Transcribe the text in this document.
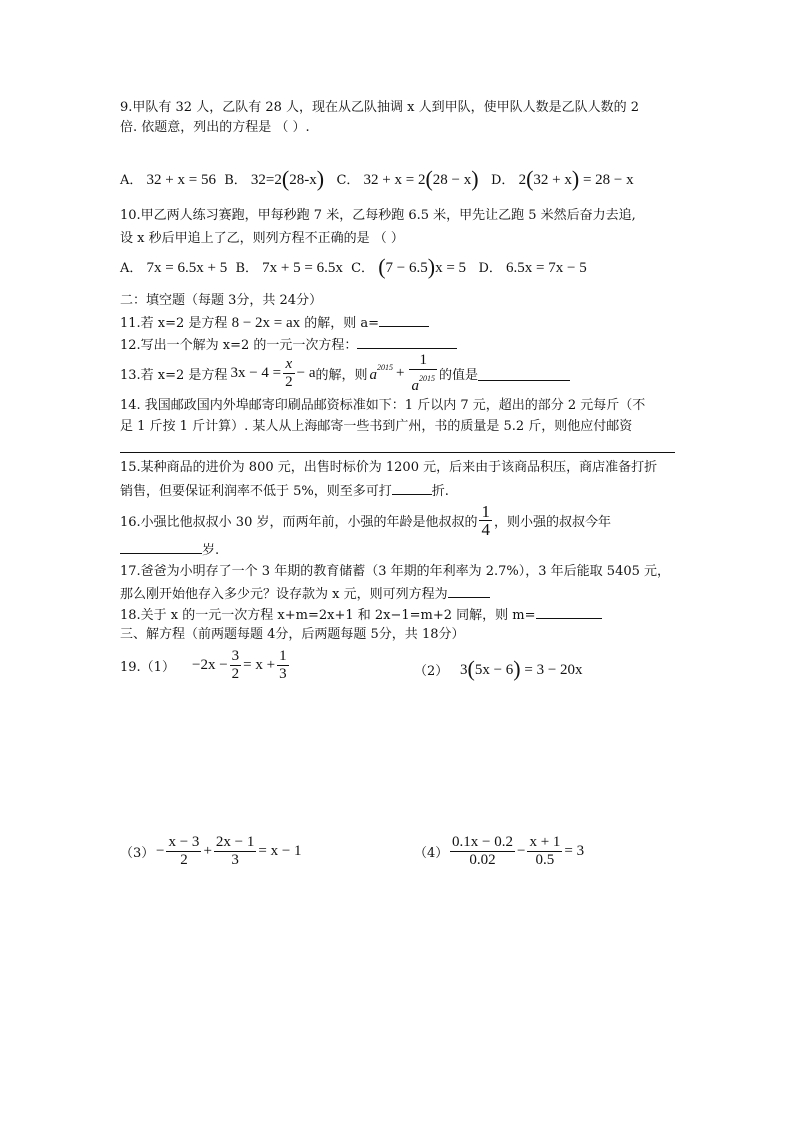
9.甲队有 32 人，乙队有 28 人，现在从乙队抽调 x 人到甲队，使甲队人数是乙队人数的 2
倍. 依题意，列出的方程是 （ ）.
A． 32 + x = 56 B． 32=2(28-x) C． 32 + x = 2(28 − x) D． 2(32 + x) = 28 − x
10.甲乙两人练习赛跑，甲每秒跑 7 米，乙每秒跑 6.5 米，甲先让乙跑 5 米然后奋力去追,
设 x 秒后甲追上了乙，则列方程不正确的是 （ ）
A． 7x = 6.5x + 5 B． 7x + 5 = 6.5x C． (7 − 6.5)x = 5 D． 6.5x = 7x − 5
二：填空题（每题 3分，共 24分）
11.若 x=2 是方程 8 − 2x = ax 的解，则 a=
12.写出一个解为 x=2 的一元一次方程：
13.若 x=2 是方程 $3x - 4 = \frac{x}{2} - a$ 的解，则 $a^{2015} + \frac{1}{a^{2015}}$ 的值是
14. 我国邮政国内外埠邮寄印刷品邮资标准如下：1 斤以内 7 元，超出的部分 2 元每斤（不
足 1 斤按 1 斤计算）. 某人从上海邮寄一些书到广州，书的质量是 5.2 斤，则他应付邮资
15.某种商品的进价为 800 元，出售时标价为 1200 元，后来由于该商品积压，商店准备打折
销售，但要保证利润率不低于 5%，则至多可打	折.
16.小强比他叔叔小 30 岁，而两年前，小强的年龄是他叔叔的 $\frac{1}{4}$ ，则小强的叔叔今年
岁.
17.爸爸为小明存了一个 3 年期的教育储蓄（3 年期的年利率为 2.7%），3 年后能取 5405 元，
那么刚开始他存入多少元？设存款为 x 元，则可列方程为
18.关于 x 的一元一次方程 x+m=2x+1 和 2x−1=m+2 同解，则 m=
三、解方程（前两题每题 4分，后两题每题 5分，共 18分）
19.（1）	$-2x - \frac{3}{2} = x + \frac{1}{3}$	（2） 3(5x − 6) = 3 − 20x
$(3) - \frac{x - 3}{2} + \frac{2x - 1}{3} = x - 1$	$(4) \frac{0.1x - 0.2}{0.02} - \frac{x + 1}{0.5} = 3$
